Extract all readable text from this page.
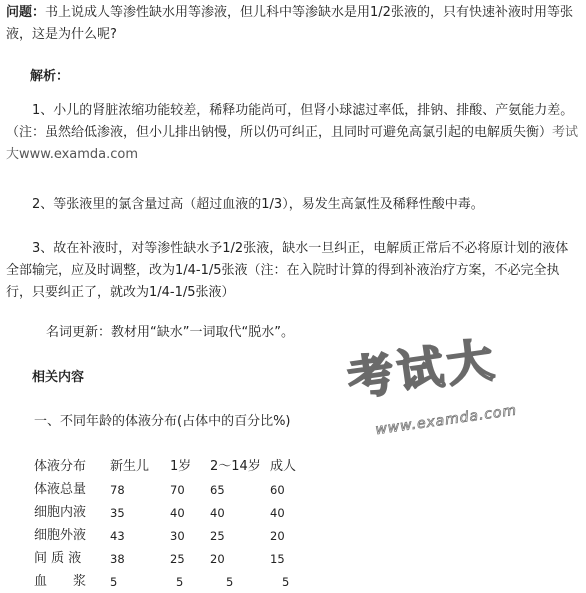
问题：书上说成人等渗性缺水用等渗液，但儿科中等渗缺水是用1/2张液的，只有快速补液时用等张液，这是为什么呢?
解析：
1、小儿的肾脏浓缩功能较差，稀释功能尚可，但肾小球滤过率低，排钠、排酸、产氨能力差。（注：虽然给低渗液，但小儿排出钠慢，所以仍可纠正，且同时可避免高氯引起的电解质失衡）考试大www.examda.com
2、等张液里的氯含量过高（超过血液的1/3），易发生高氯性及稀释性酸中毒。
3、故在补液时，对等渗性缺水予1/2张液，缺水一旦纠正，电解质正常后不必将原计划的液体全部输完，应及时调整，改为1/4-1/5张液（注：在入院时计算的得到补液治疗方案，不必完全执行，只要纠正了，就改为1/4-1/5张液）
名词更新：教材用“缺水”一词取代“脱水”。
相关内容
一、不同年龄的体液分布(占体中的百分比%)
体液分布	新生儿	1岁	2～14岁	成人
体液总量	78	70	65	60
细胞内液	35	40	40	40
细胞外液	43	30	25	20
间 质 液	38	25	20	15
血　　浆	5	5	5	5
考试大
www.examda.com
